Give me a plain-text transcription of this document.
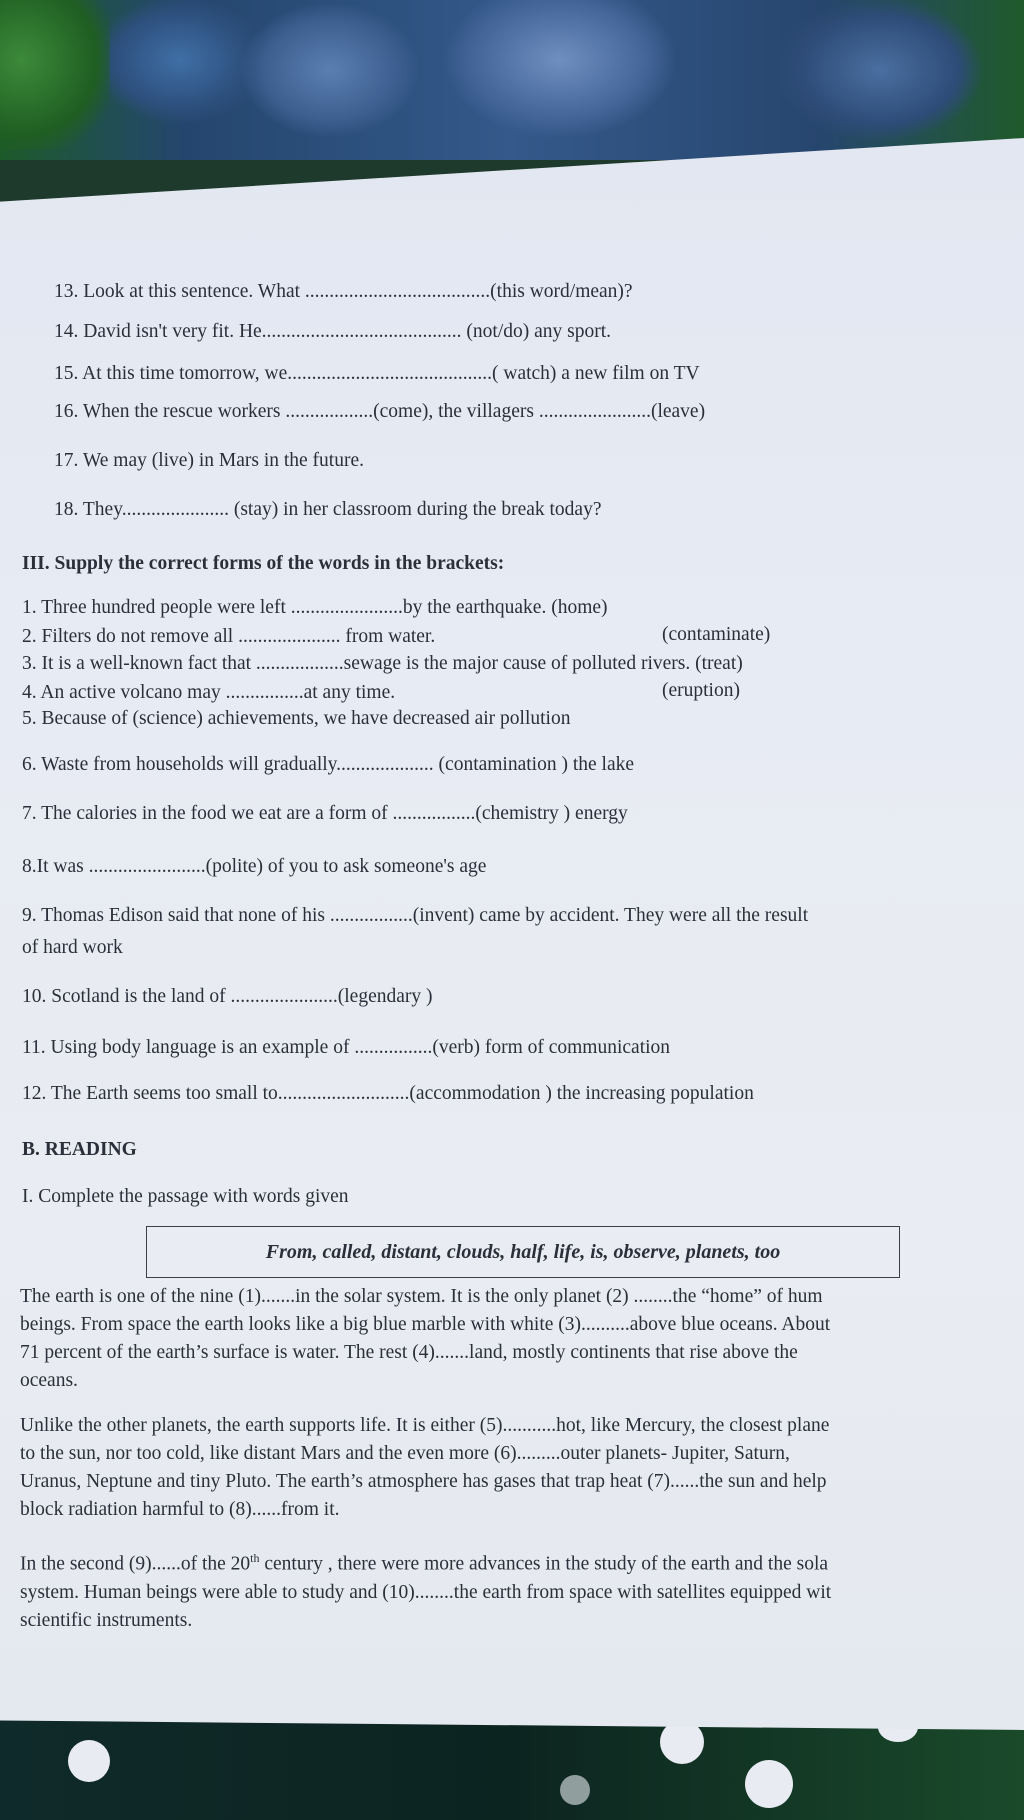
13. Look at this sentence. What ......................................(this word/mean)?
14. David isn't very fit. He......................................... (not/do) any sport.
15. At this time tomorrow, we..........................................( watch) a new film on TV
16. When the rescue workers ..................(come), the villagers .......................(leave)
17. We may (live) in Mars in the future.
18. They...................... (stay) in her classroom during the break today?
III. Supply the correct forms of the words in the brackets:
1. Three hundred people were left .......................by the earthquake. (home)
2. Filters do not remove all ..................... from water.	(contaminate)
3. It is a well-known fact that ..................sewage is the major cause of polluted rivers. (treat)
4. An active volcano may ................at any time.	(eruption)
5. Because of (science) achievements, we have decreased air pollution
6. Waste from households will gradually.................... (contamination ) the lake
7. The calories in the food we eat are a form of .................(chemistry ) energy
8.It was ........................(polite) of you to ask someone's age
9. Thomas Edison said that none of his .................(invent) came by accident. They were all the result
of hard work
10. Scotland is the land of ......................(legendary )
11. Using body language is an example of ................(verb) form of communication
12. The Earth seems too small to...........................(accommodation ) the increasing population
B. READING
I. Complete the passage with words given
From, called, distant, clouds, half, life, is, observe, planets, too

The earth is one of the nine (1).......in the solar system. It is the only planet (2) ........the “home” of hum

beings. From space the earth looks like a big blue marble with white (3)..........above blue oceans. About

71 percent of the earth’s surface is water. The rest (4).......land, mostly continents that rise above the

oceans.

Unlike the other planets, the earth supports life. It is either (5)...........hot, like Mercury, the closest plane

to the sun, nor too cold, like distant Mars and the even more (6).........outer planets- Jupiter, Saturn,

Uranus, Neptune and tiny Pluto. The earth’s atmosphere has gases that trap heat (7)......the sun and help

block radiation harmful to (8)......from it.

In the second (9)......of the 20th century , there were more advances in the study of the earth and the sola

system. Human beings were able to study and (10)........the earth from space with satellites equipped wit

scientific instruments.
